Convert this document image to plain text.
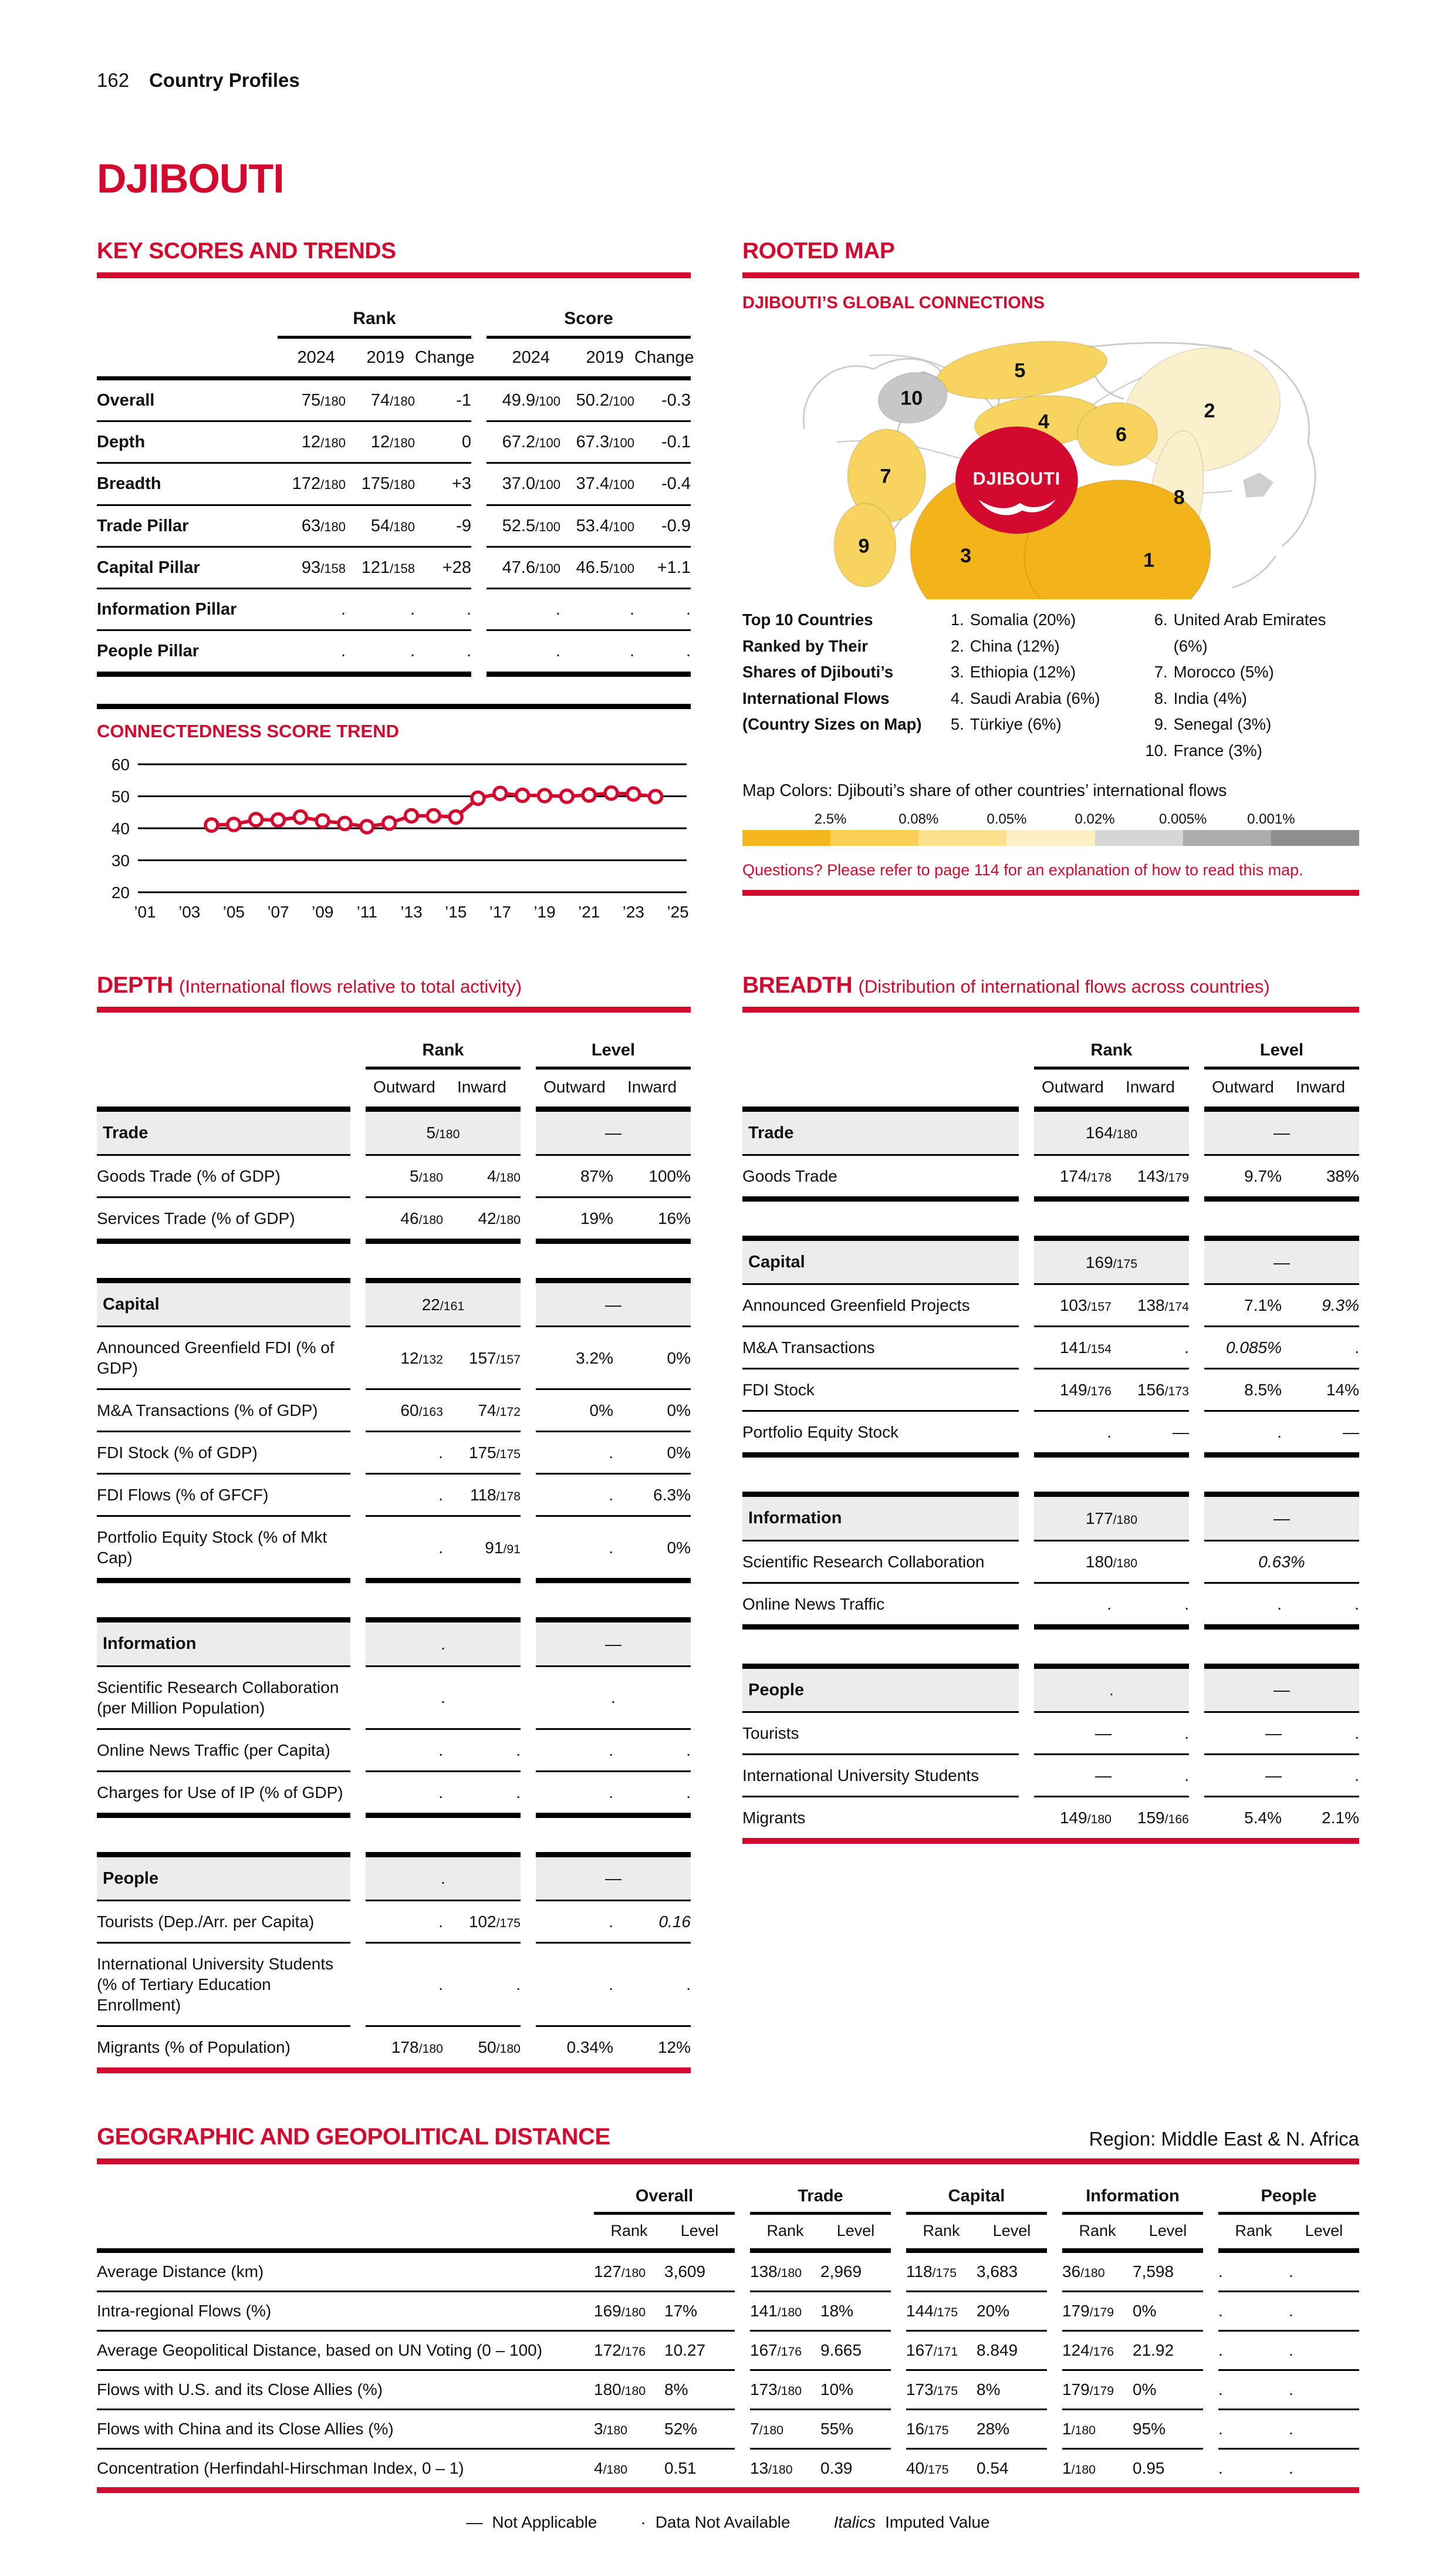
162 Country Profiles
DJIBOUTI
KEY SCORES AND TRENDS
	Rank				Score		
	2024	2019	Change		2024	2019	Change
Overall	75/180	74/180	-1		49.9/100	50.2/100	-0.3
Depth	12/180	12/180	0		67.2/100	67.3/100	-0.1
Breadth	172/180	175/180	+3		37.0/100	37.4/100	-0.4
Trade Pillar	63/180	54/180	-9		52.5/100	53.4/100	-0.9
Capital Pillar	93/158	121/158	+28		47.6/100	46.5/100	+1.1
Information Pillar	.	.	.		.	.	.
People Pillar	.	.	.		.	.	.
CONNECTEDNESS SCORE TREND
60
50
40
30
20
’01 ’03 ’05 ’07 ’09 ’11 ’13 ’15 ’17 ’19 ’21 ’23 ’25
ROOTED MAP
DJIBOUTI’S GLOBAL CONNECTIONS
DJIBOUTI
2
8
5
4
6
10
7
9	3	1
Top 10 Countries
Ranked by Their
Shares of Djibouti’s
International Flows
(Country Sizes on Map)
1. Somalia (20%)
2. China (12%)
3. Ethiopia (12%)
4. Saudi Arabia (6%)
5. Türkiye (6%)
6. United Arab Emirates (6%)
7. Morocco (5%)
8. India (4%)
9. Senegal (3%)
10. France (3%)
Map Colors: Djibouti’s share of other countries’ international flows
2.5%	0.08%	0.05%	0.02%	0.005%	0.001%
Questions? Please refer to page 114 for an explanation of how to read this map.
DEPTH (International flows relative to total activity)
		Rank			Level	
		Outward	Inward		Outward	Inward
Trade		5/180			—	
Goods Trade (% of GDP)		5/180	4/180		87%	100%
Services Trade (% of GDP)		46/180	42/180		19%	16%

Capital		22/161			—	
Announced Greenfield FDI (% of GDP)		12/132	157/157		3.2%	0%
M&A Transactions (% of GDP)		60/163	74/172		0%	0%
FDI Stock (% of GDP)		.	175/175		.	0%
FDI Flows (% of GFCF)		.	118/178		.	6.3%
Portfolio Equity Stock (% of Mkt Cap)		.	91/91		.	0%

Information		.			—	
Scientific Research Collaboration (per Million Population)		.			.	
Online News Traffic (per Capita)		.	.		.	.
Charges for Use of IP (% of GDP)		.	.		.	.

People		.			—	
Tourists (Dep./Arr. per Capita)		.	102/175		.	0.16
International University Students (% of Tertiary Education Enrollment)		.	.		.	.
Migrants (% of Population)		178/180	50/180		0.34%	12%
BREADTH (Distribution of international flows across countries)
		Rank			Level	
		Outward	Inward		Outward	Inward
Trade		164/180			—	
Goods Trade		174/178	143/179		9.7%	38%

Capital		169/175			—	
Announced Greenfield Projects		103/157	138/174		7.1%	9.3%
M&A Transactions		141/154	.		0.085%	.
FDI Stock		149/176	156/173		8.5%	14%
Portfolio Equity Stock		.	—		.	—

Information		177/180			—	
Scientific Research Collaboration		180/180			0.63%	
Online News Traffic		.	.		.	.

People		.			—	
Tourists		—	.		—	.
International University Students		—	.		—	.
Migrants		149/180	159/166		5.4%	2.1%
GEOGRAPHIC AND GEOPOLITICAL DISTANCE	Region: Middle East & N. Africa
	Overall			Trade			Capital			Information			People	
	Rank	Level		Rank	Level		Rank	Level		Rank	Level		Rank	Level
Average Distance (km)	127/180	3,609		138/180	2,969		118/175	3,683		36/180	7,598		.	.
Intra-regional Flows (%)	169/180	17%		141/180	18%		144/175	20%		179/179	0%		.	.
Average Geopolitical Distance, based on UN Voting (0 – 100)	172/176	10.27		167/176	9.665		167/171	8.849		124/176	21.92		.	.
Flows with U.S. and its Close Allies (%)	180/180	8%		173/180	10%		173/175	8%		179/179	0%		.	.
Flows with China and its Close Allies (%)	3/180	52%		7/180	55%		16/175	28%		1/180	95%		.	.
Concentration (Herfindahl-Hirschman Index, 0 – 1)	4/180	0.51		13/180	0.39		40/175	0.54		1/180	0.95		.	.
— Not Applicable	· Data Not Available	Italics Imputed Value
